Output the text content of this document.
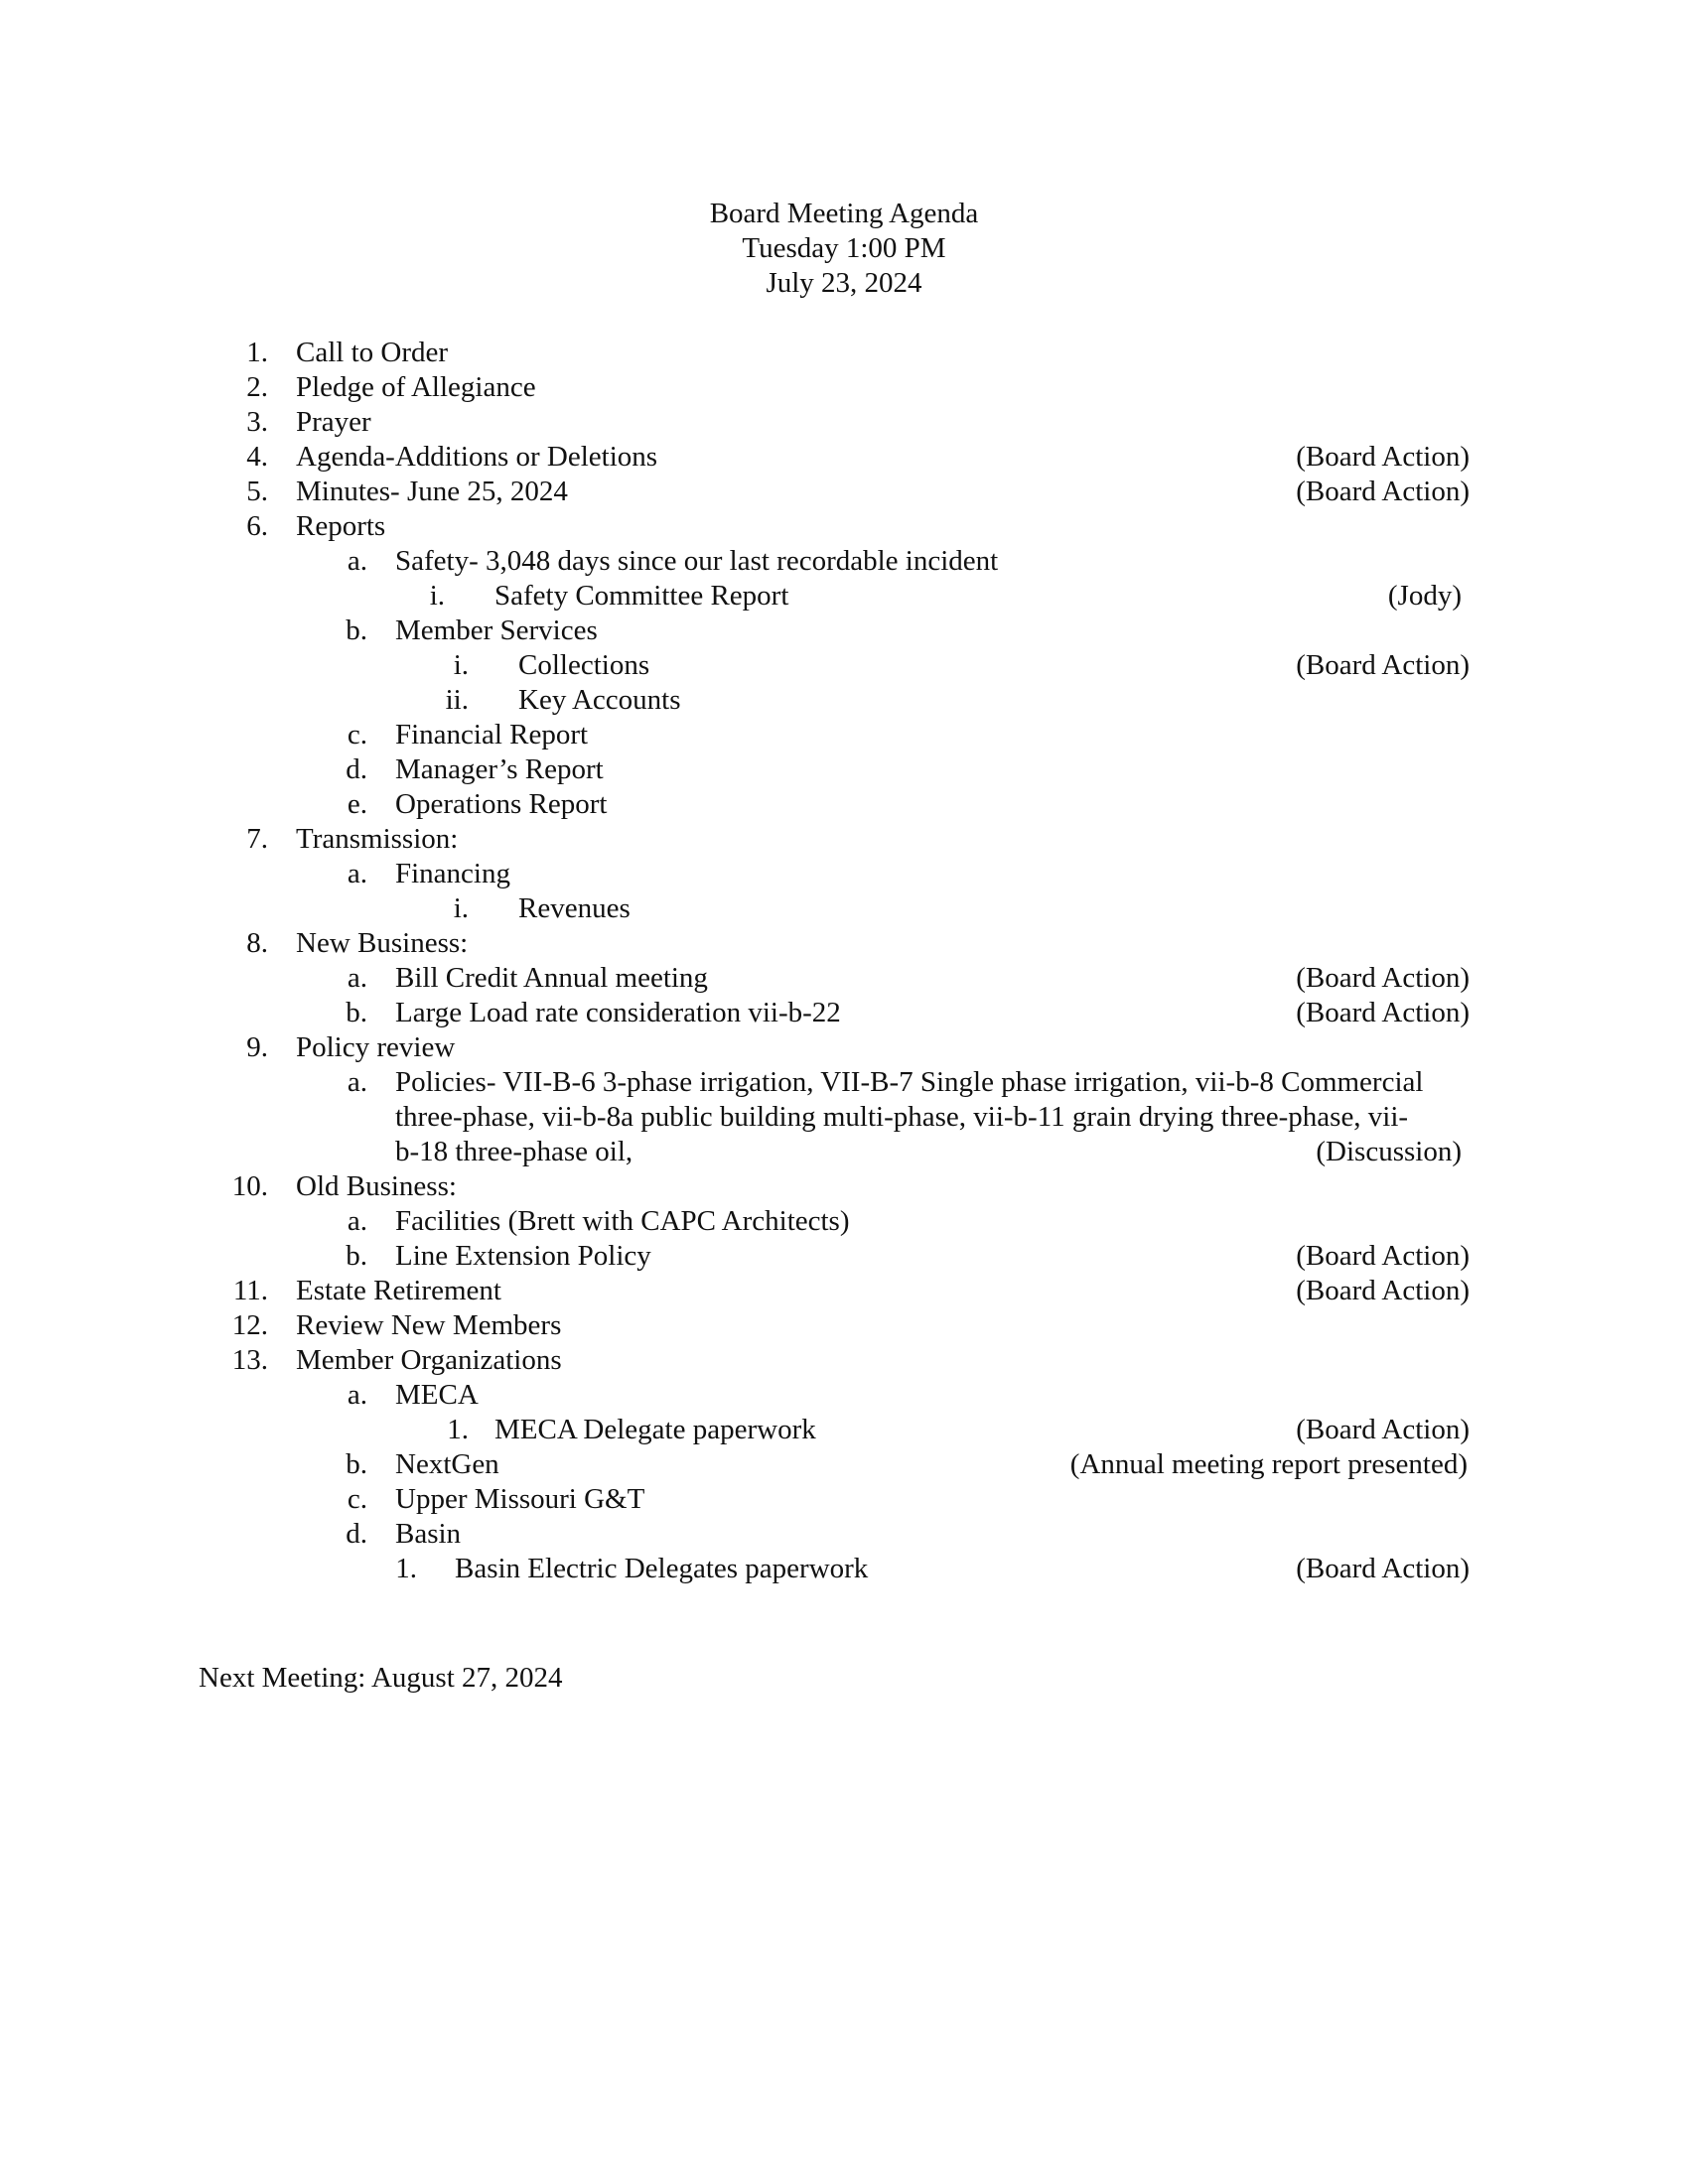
Board Meeting Agenda
Tuesday 1:00 PM
July 23, 2024
1. Call to Order
2. Pledge of Allegiance
3. Prayer
4. Agenda-Additions or Deletions	(Board Action)
5. Minutes- June 25, 2024	(Board Action)
6. Reports
a. Safety- 3,048 days since our last recordable incident
i. Safety Committee Report	(Jody)
b. Member Services
i. Collections	(Board Action)
ii. Key Accounts
c. Financial Report
d. Manager’s Report
e. Operations Report
7. Transmission:
a. Financing
i. Revenues
8. New Business:
a. Bill Credit Annual meeting	(Board Action)
b. Large Load rate consideration vii-b-22	(Board Action)
9. Policy review
a. Policies- VII-B-6 3-phase irrigation, VII-B-7 Single phase irrigation, vii-b-8 Commercial
three-phase, vii-b-8a public building multi-phase, vii-b-11 grain drying three-phase, vii-
b-18 three-phase oil,	(Discussion)
10. Old Business:
a. Facilities (Brett with CAPC Architects)
b. Line Extension Policy	(Board Action)
11. Estate Retirement	(Board Action)
12. Review New Members
13. Member Organizations
a. MECA
1. MECA Delegate paperwork	(Board Action)
b. NextGen	(Annual meeting report presented)
c. Upper Missouri G&T
d. Basin
1. Basin Electric Delegates paperwork	(Board Action)
Next Meeting: August 27, 2024
